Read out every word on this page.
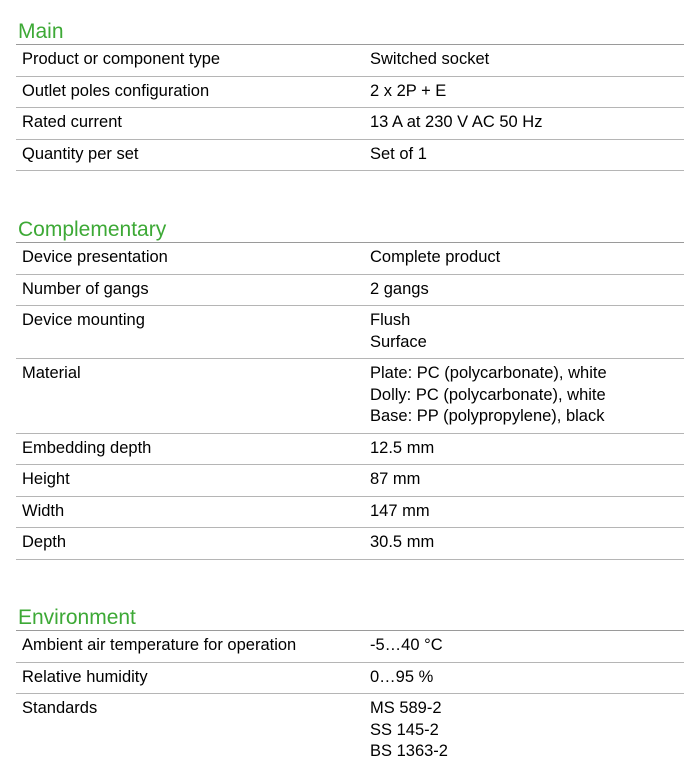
Main
Product or component type	Switched socket
Outlet poles configuration	2 x 2P + E
Rated current	13 A at 230 V AC 50 Hz
Quantity per set	Set of 1
Complementary
Device presentation	Complete product
Number of gangs	2 gangs
Device mounting	Flush
Surface
Material	Plate: PC (polycarbonate), white
Dolly: PC (polycarbonate), white
Base: PP (polypropylene), black
Embedding depth	12.5 mm
Height	87 mm
Width	147 mm
Depth	30.5 mm
Environment
Ambient air temperature for operation	-5…40 °C
Relative humidity	0…95 %
Standards	MS 589-2
SS 145-2
BS 1363-2
